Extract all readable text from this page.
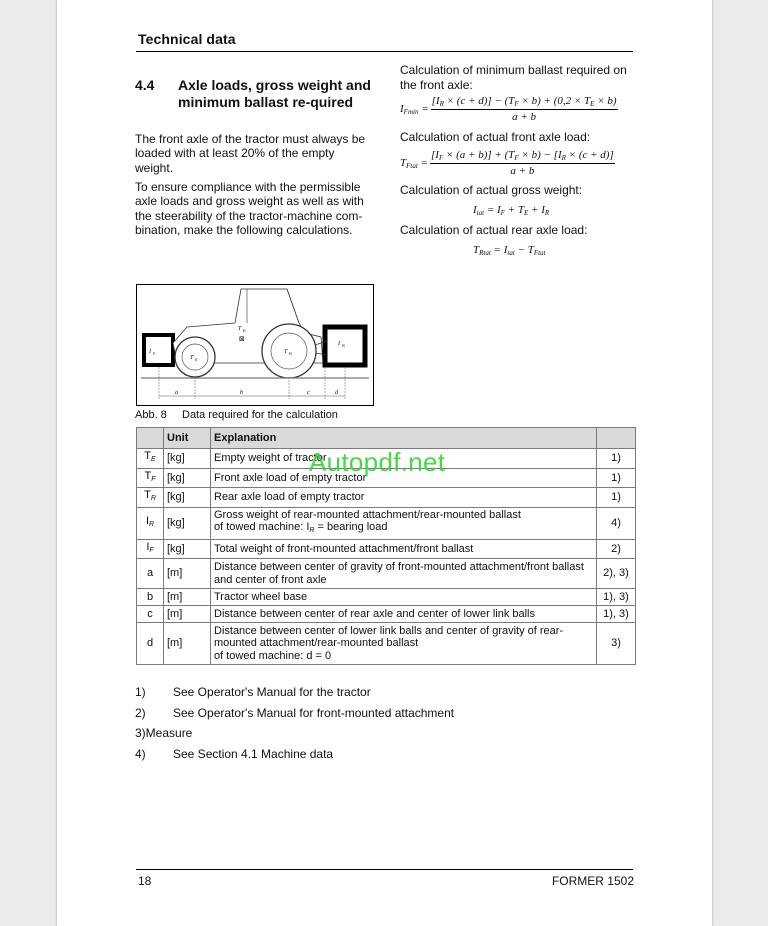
Technical data
4.4 Axle loads, gross weight and minimum ballast re-quired
The front axle of the tractor must always be loaded with at least 20% of the empty weight.
To ensure compliance with the permissible axle loads and gross weight as well as with the steerability of the tractor-machine com-bination, make the following calculations.
Calculation of minimum ballast required on the front axle:
$I_{Fmin} = \frac{[I_R \times (c + d)] - (T_F \times b) + (0,2 \times T_E \times b)}{a + b}$
Calculation of actual front axle load:
$T_{Ftat} = \frac{[I_F \times (a + b)] + (T_F \times b) - [I_R \times (c + d)]}{a + b}$
Calculation of actual gross weight:
$I_{tat} = I_F + T_E + I_R$
Calculation of actual rear axle load:
$T_{Rtat} = I_{tat} - T_{Ftat}$
I F
I R
T E
T R
T E
⊠
a	b	c	d
Abb. 8 Data required for the calculation
	Unit	Explanation	
$T_E$	[kg]	Empty weight of tractor	1)
$T_F$	[kg]	Front axle load of empty tractor	1)
$T_R$	[kg]	Rear axle load of empty tractor	1)
$I_R$	[kg]	Gross weight of rear-mounted attachment/rear-mounted ballast
of towed machine: $I_R$ = bearing load	4)
$I_F$	[kg]	Total weight of front-mounted attachment/front ballast	2)
a	[m]	Distance between center of gravity of front-mounted attachment/front ballast and center of front axle	2), 3)
b	[m]	Tractor wheel base	1), 3)
c	[m]	Distance between center of rear axle and center of lower link balls	1), 3)
d	[m]	Distance between center of lower link balls and center of gravity of rear-mounted attachment/rear-mounted ballast
of towed machine: d = 0	3)
1) See Operator's Manual for the tractor
2) See Operator's Manual for front-mounted attachment
3)Measure
4) See Section 4.1 Machine data
Autopdf.net
18	FORMER 1502
